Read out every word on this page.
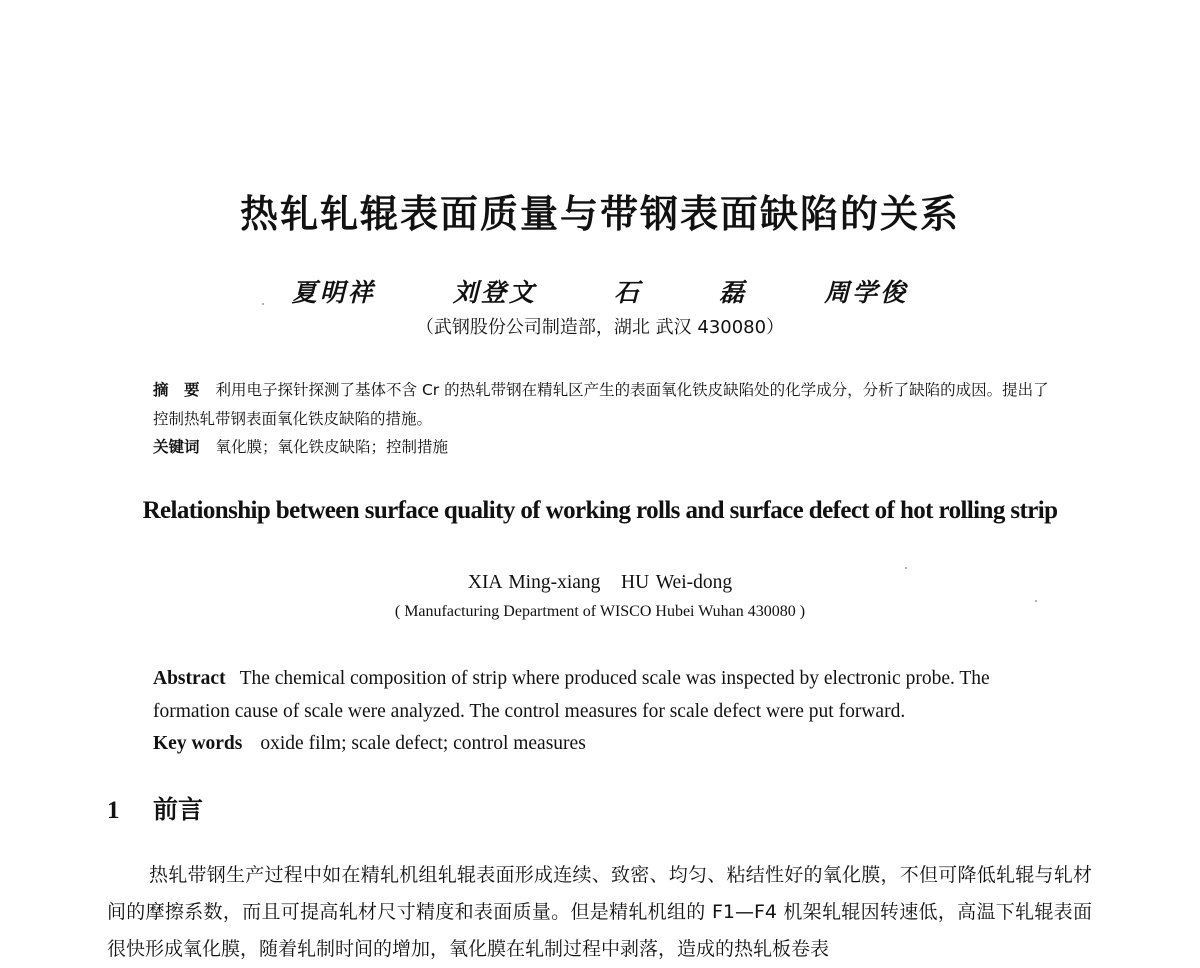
热轧轧辊表面质量与带钢表面缺陷的关系
夏明祥   刘登文   石   磊   周学俊
（武钢股份公司制造部，湖北 武汉 430080）
摘　要 利用电子探针探测了基体不含 Cr 的热轧带钢在精轧区产生的表面氧化铁皮缺陷处的化学成分，分析了缺陷的成因。提出了控制热轧带钢表面氧化铁皮缺陷的措施。
关键词 氧化膜；氧化铁皮缺陷；控制措施
Relationship between surface quality of working rolls and surface defect of hot rolling strip
XIA Ming-xiang   HU Wei-dong
( Manufacturing Department of WISCO Hubei Wuhan 430080 )
Abstract The chemical composition of strip where produced scale was inspected by electronic probe. The formation cause of scale were analyzed. The control measures for scale defect were put forward.
Key words oxide film; scale defect; control measures
1 前言
热轧带钢生产过程中如在精轧机组轧辊表面形成连续、致密、均匀、粘结性好的氧化膜，不但可降低轧辊与轧材间的摩擦系数，而且可提高轧材尺寸精度和表面质量。但是精轧机组的 F1—F4 机架轧辊因转速低，高温下轧辊表面很快形成氧化膜，随着轧制时间的增加，氧化膜在轧制过程中剥落，造成的热轧板卷表
